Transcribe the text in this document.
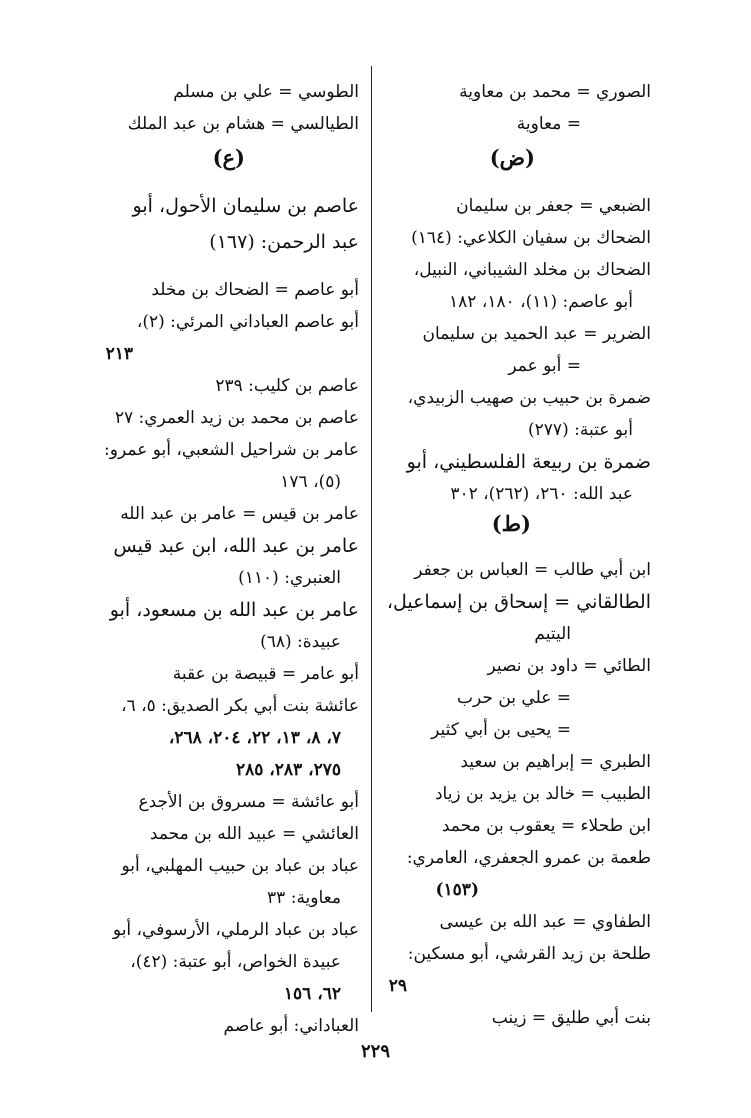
الصوري = محمد بن معاوية
= معاوية
(ض)
الضبعي = جعفر بن سليمان
الضحاك بن سفيان الكلاعي: (١٦٤)
الضحاك بن مخلد الشيباني، النبيل،
أبو عاصم: (١١)، ١٨٠، ١٨٢
الضرير = عبد الحميد بن سليمان
= أبو عمر
ضمرة بن حبيب بن صهيب الزبيدي،
أبو عتبة: (٢٧٧)
ضمرة بن ربيعة الفلسطيني، أبو
عبد الله: ٢٦٠، (٢٦٢)، ٣٠٢
(ط)
ابن أبي طالب = العباس بن جعفر
الطالقاني = إسحاق بن إسماعيل،
اليتيم
الطائي = داود بن نصير
= علي بن حرب
= يحيى بن أبي كثير
الطبري = إبراهيم بن سعيد
الطبيب = خالد بن يزيد بن زياد
ابن طحلاء = يعقوب بن محمد
طعمة بن عمرو الجعفري، العامري:
(١٥٣)
الطفاوي = عبد الله بن عيسى
طلحة بن زيد القرشي، أبو مسكين:
٢٩
بنت أبي طليق = زينب
الطوسي = علي بن مسلم
الطيالسي = هشام بن عبد الملك
(ع)
عاصم بن سليمان الأحول، أبو
عبد الرحمن: (١٦٧)
أبو عاصم = الضحاك بن مخلد
أبو عاصم العباداني المرئي: (٢)،
٢١٣
عاصم بن كليب: ٢٣٩
عاصم بن محمد بن زيد العمري: ٢٧
عامر بن شراحيل الشعبي، أبو عمرو:
(٥)، ١٧٦
عامر بن قيس = عامر بن عبد الله
عامر بن عبد الله، ابن عبد قيس
العنبري: (١١٠)
عامر بن عبد الله بن مسعود، أبو
عبيدة: (٦٨)
أبو عامر = قبيصة بن عقبة
عائشة بنت أبي بكر الصديق: ٥، ٦،
٧، ٨، ١٣، ٢٢، ٢٠٤، ٢٦٨،
٢٧٥، ٢٨٣، ٢٨٥
أبو عائشة = مسروق بن الأجدع
العائشي = عبيد الله بن محمد
عباد بن عباد بن حبيب المهلبي، أبو
معاوية: ٣٣
عباد بن عباد الرملي، الأرسوفي، أبو
عبيدة الخواص، أبو عتبة: (٤٢)،
٦٢، ١٥٦
العباداني: أبو عاصم
٢٢٩
